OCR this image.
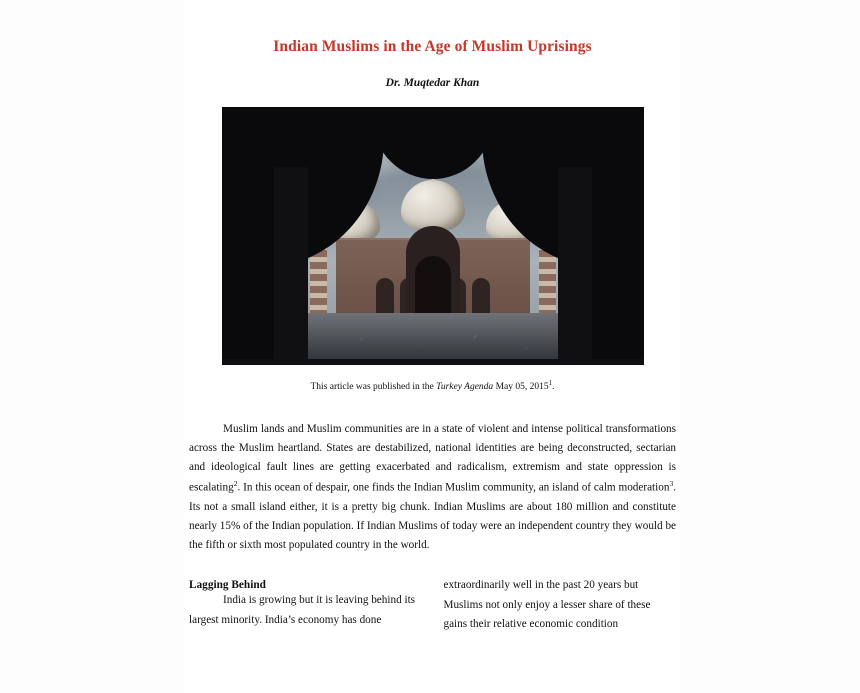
Indian Muslims in the Age of Muslim Uprisings
Dr. Muqtedar Khan
This article was published in the Turkey Agenda May 05, 2015$^1$.

Muslim lands and Muslim communities are in a state of violent and intense political transformations across the Muslim heartland. States are destabilized, national identities are being deconstructed, sectarian and ideological fault lines are getting exacerbated and radicalism, extremism and state oppression is escalating$^2$. In this ocean of despair, one finds the Indian Muslim community, an island of calm moderation$^3$. Its not a small island either, it is a pretty big chunk. Indian Muslims are about 180 million and constitute nearly 15% of the Indian population. If Indian Muslims of today were an independent country they would be the fifth or sixth most populated country in the world.

Lagging Behind
India is growing but it is leaving behind its largest minority. India’s economy has done
extraordinarily well in the past 20 years but Muslims not only enjoy a lesser share of these gains their relative economic condition
